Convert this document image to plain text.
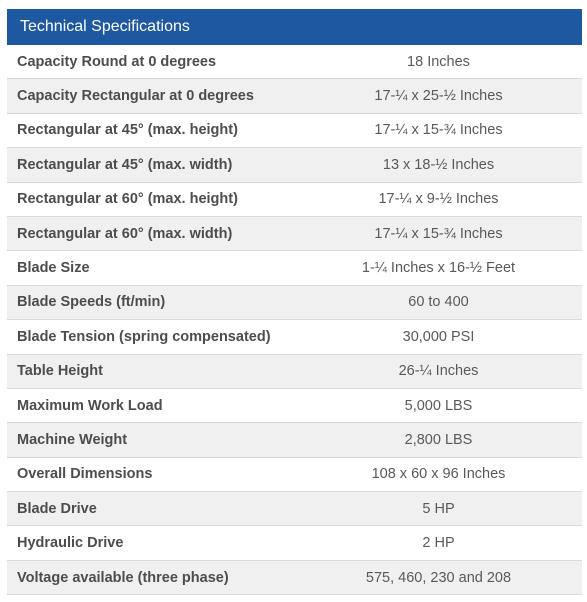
Technical Specifications
Capacity Round at 0 degrees	18 Inches
Capacity Rectangular at 0 degrees	17-¼ x 25-½ Inches
Rectangular at 45° (max. height)	17-¼ x 15-¾ Inches
Rectangular at 45° (max. width)	13 x 18-½ Inches
Rectangular at 60° (max. height)	17-¼ x 9-½ Inches
Rectangular at 60° (max. width)	17-¼ x 15-¾ Inches
Blade Size	1-¼ Inches x 16-½ Feet
Blade Speeds (ft/min)	60 to 400
Blade Tension (spring compensated)	30,000 PSI
Table Height	26-¼ Inches
Maximum Work Load	5,000 LBS
Machine Weight	2,800 LBS
Overall Dimensions	108 x 60 x 96 Inches
Blade Drive	5 HP
Hydraulic Drive	2 HP
Voltage available (three phase)	575, 460, 230 and 208
